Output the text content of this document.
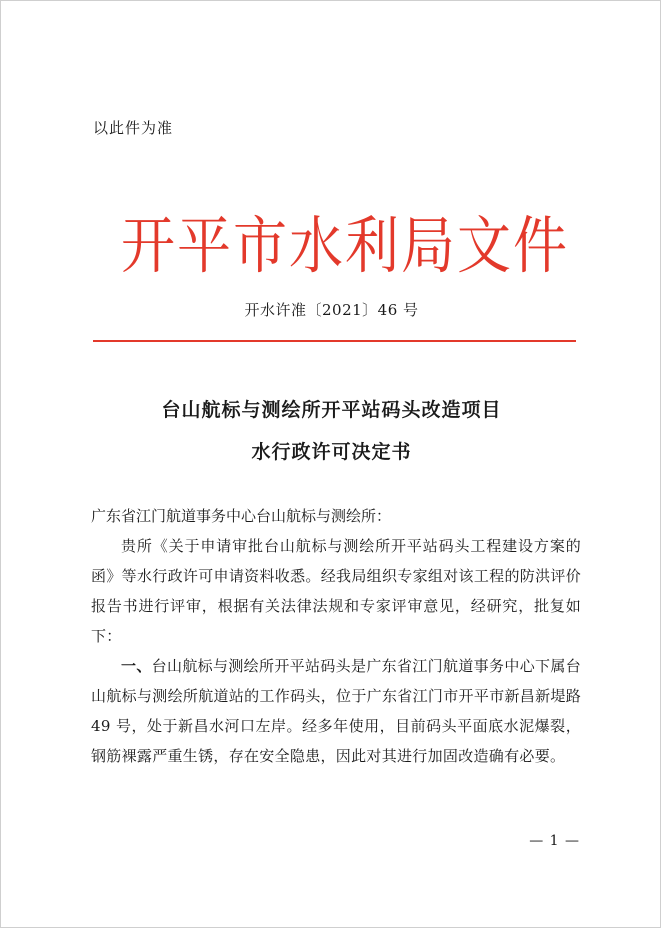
以此件为准
开平市水利局文件
开水许准〔2021〕46 号
台山航标与测绘所开平站码头改造项目
水行政许可决定书
广东省江门航道事务中心台山航标与测绘所：
贵所《关于申请审批台山航标与测绘所开平站码头工程建设方案的函》等水行政许可申请资料收悉。经我局组织专家组对该工程的防洪评价报告书进行评审，根据有关法律法规和专家评审意见，经研究，批复如下：
一、台山航标与测绘所开平站码头是广东省江门航道事务中心下属台山航标与测绘所航道站的工作码头，位于广东省江门市开平市新昌新堤路 49 号，处于新昌水河口左岸。经多年使用，目前码头平面底水泥爆裂，钢筋裸露严重生锈，存在安全隐患，因此对其进行加固改造确有必要。
— 1 —
